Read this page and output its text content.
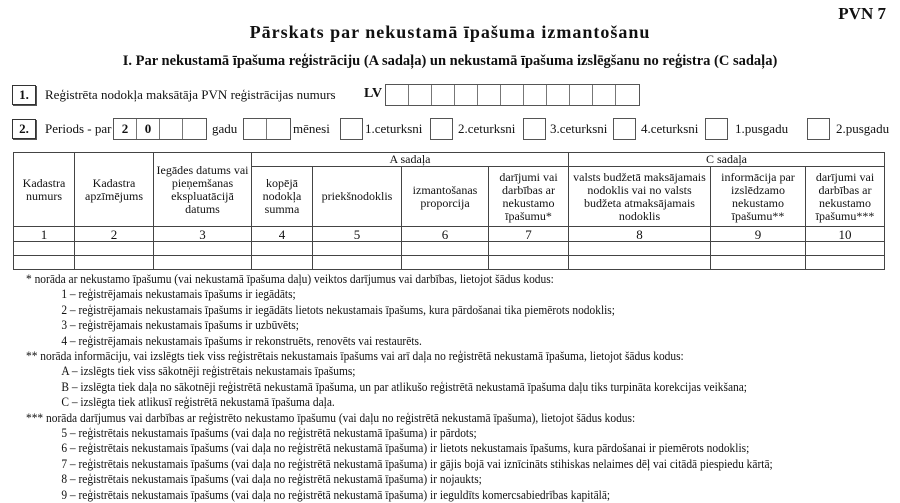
PVN 7
Pārskats par nekustamā īpašuma izmantošanu
I. Par nekustamā īpašuma reģistrāciju (A sadaļa) un nekustamā īpašuma izslēgšanu no reģistra (C sadaļa)
1.	Reģistrēta nodokļa maksātāja PVN reģistrācijas numurs LV
2.	Periods - par 2	0	gadu	mēnesi	1.ceturksni	2.ceturksni	3.ceturksni	4.ceturksni	1.pusgadu	2.pusgadu
Kadastra numurs	Kadastra apzīmējums	Iegādes datums vai pieņemšanas ekspluatācijā datums	A sadaļa				C sadaļa		
			kopējā nodokļa summa	priekšnodoklis	izmantošanas proporcija	darījumi vai darbības ar nekustamo īpašumu*	valsts budžetā maksājamais nodoklis vai no valsts budžeta atmaksājamais nodoklis	informācija par izslēdzamo nekustamo īpašumu**	darījumi vai darbības ar nekustamo īpašumu***
1	2	3	4	5	6	7	8	9	10

* norāda ar nekustamo īpašumu (vai nekustamā īpašuma daļu) veiktos darījumus vai darbības, lietojot šādus kodus:
1 – reģistrējamais nekustamais īpašums ir iegādāts;
2 – reģistrējamais nekustamais īpašums ir iegādāts lietots nekustamais īpašums, kura pārdošanai tika piemērots nodoklis;
3 – reģistrējamais nekustamais īpašums ir uzbūvēts;
4 – reģistrējamais nekustamais īpašums ir rekonstruēts, renovēts vai restaurēts.
** norāda informāciju, vai izslēgts tiek viss reģistrētais nekustamais īpašums vai arī daļa no reģistrētā nekustamā īpašuma, lietojot šādus kodus:
A – izslēgts tiek viss sākotnēji reģistrētais nekustamais īpašums;
B – izslēgta tiek daļa no sākotnēji reģistrētā nekustamā īpašuma, un par atlikušo reģistrētā nekustamā īpašuma daļu tiks turpināta korekcijas veikšana;
C – izslēgta tiek atlikusī reģistrētā nekustamā īpašuma daļa.
*** norāda darījumus vai darbības ar reģistrēto nekustamo īpašumu (vai daļu no reģistrētā nekustamā īpašuma), lietojot šādus kodus:
5 – reģistrētais nekustamais īpašums (vai daļa no reģistrētā nekustamā īpašuma) ir pārdots;
6 – reģistrētais nekustamais īpašums (vai daļa no reģistrētā nekustamā īpašuma) ir lietots nekustamais īpašums, kura pārdošanai ir piemērots nodoklis;
7 – reģistrētais nekustamais īpašums (vai daļa no reģistrētā nekustamā īpašuma) ir gājis bojā vai iznīcināts stihiskas nelaimes dēļ vai citādā piespiedu kārtā;
8 – reģistrētais nekustamais īpašums (vai daļa no reģistrētā nekustamā īpašuma) ir nojaukts;
9 – reģistrētais nekustamais īpašums (vai daļa no reģistrētā nekustamā īpašuma) ir ieguldīts komercsabiedrības kapitālā;
